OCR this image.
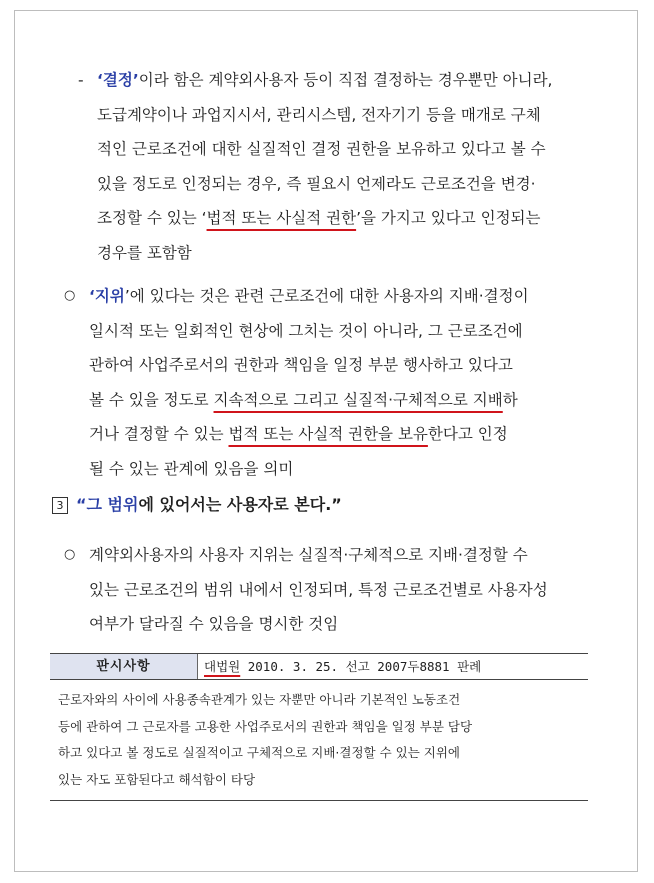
- ‘결정’이라 함은 계약외사용자 등이 직접 결정하는 경우뿐만 아니라,
도급계약이나 과업지시서, 관리시스템, 전자기기 등을 매개로 구체
적인 근로조건에 대한 실질적인 결정 권한을 보유하고 있다고 볼 수
있을 정도로 인정되는 경우, 즉 필요시 언제라도 근로조건을 변경·
조정할 수 있는 ‘법적 또는 사실적 권한’을 가지고 있다고 인정되는
경우를 포함함
○ ‘지위’에 있다는 것은 관련 근로조건에 대한 사용자의 지배·결정이
일시적 또는 일회적인 현상에 그치는 것이 아니라, 그 근로조건에
관하여 사업주로서의 권한과 책임을 일정 부분 행사하고 있다고
볼 수 있을 정도로 지속적으로 그리고 실질적·구체적으로 지배하
거나 결정할 수 있는 법적 또는 사실적 권한을 보유한다고 인정
될 수 있는 관계에 있음을 의미
3 “그 범위에 있어서는 사용자로 본다.”
○ 계약외사용자의 사용자 지위는 실질적·구체적으로 지배·결정할 수
있는 근로조건의 범위 내에서 인정되며, 특정 근로조건별로 사용자성
여부가 달라질 수 있음을 명시한 것임
판시사항	대법원 2010. 3. 25. 선고 2007두8881 판례
근로자와의 사이에 사용종속관계가 있는 자뿐만 아니라 기본적인 노동조건
등에 관하여 그 근로자를 고용한 사업주로서의 권한과 책임을 일정 부분 담당
하고 있다고 볼 정도로 실질적이고 구체적으로 지배·결정할 수 있는 지위에
있는 자도 포함된다고 해석함이 타당
